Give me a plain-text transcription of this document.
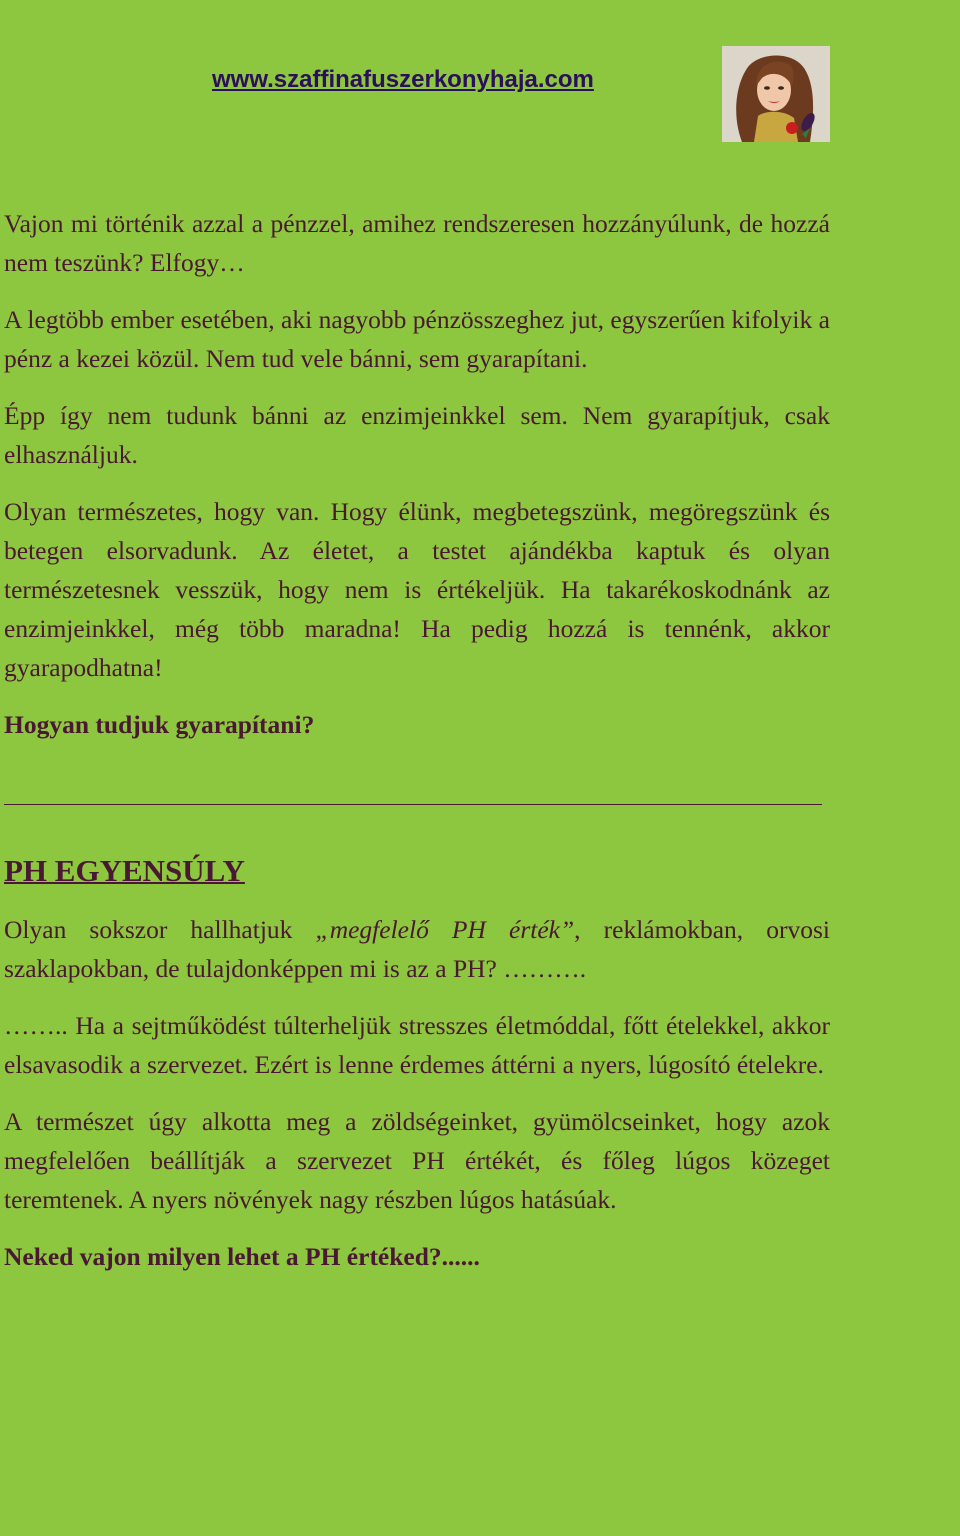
www.szaffinafuszerkonyhaja.com

Vajon mi történik azzal a pénzzel, amihez rendszeresen hozzányúlunk, de hozzá nem teszünk? Elfogy…

A legtöbb ember esetében, aki nagyobb pénzösszeghez jut, egyszerűen kifolyik a pénz a kezei közül. Nem tud vele bánni, sem gyarapítani.

Épp így nem tudunk bánni az enzimjeinkkel sem. Nem gyarapítjuk, csak elhasználjuk.

Olyan természetes, hogy van. Hogy élünk, megbetegszünk, megöregszünk és betegen elsorvadunk. Az életet, a testet ajándékba kaptuk és olyan természetesnek vesszük, hogy nem is értékeljük. Ha takarékoskodnánk az enzimjeinkkel, még több maradna! Ha pedig hozzá is tennénk, akkor gyarapodhatna!

Hogyan tudjuk gyarapítani?

PH EGYENSÚLY

Olyan sokszor hallhatjuk „megfelelő PH érték”, reklámokban, orvosi szaklapokban, de tulajdonképpen mi is az a PH? ……….

…….. Ha a sejtműködést túlterheljük stresszes életmóddal, főtt ételekkel, akkor elsavasodik a szervezet. Ezért is lenne érdemes áttérni a nyers, lúgosító ételekre.

A természet úgy alkotta meg a zöldségeinket, gyümölcseinket, hogy azok megfelelően beállítják a szervezet PH értékét, és főleg lúgos közeget teremtenek. A nyers növények nagy részben lúgos hatásúak.

Neked vajon milyen lehet a PH értéked?......
